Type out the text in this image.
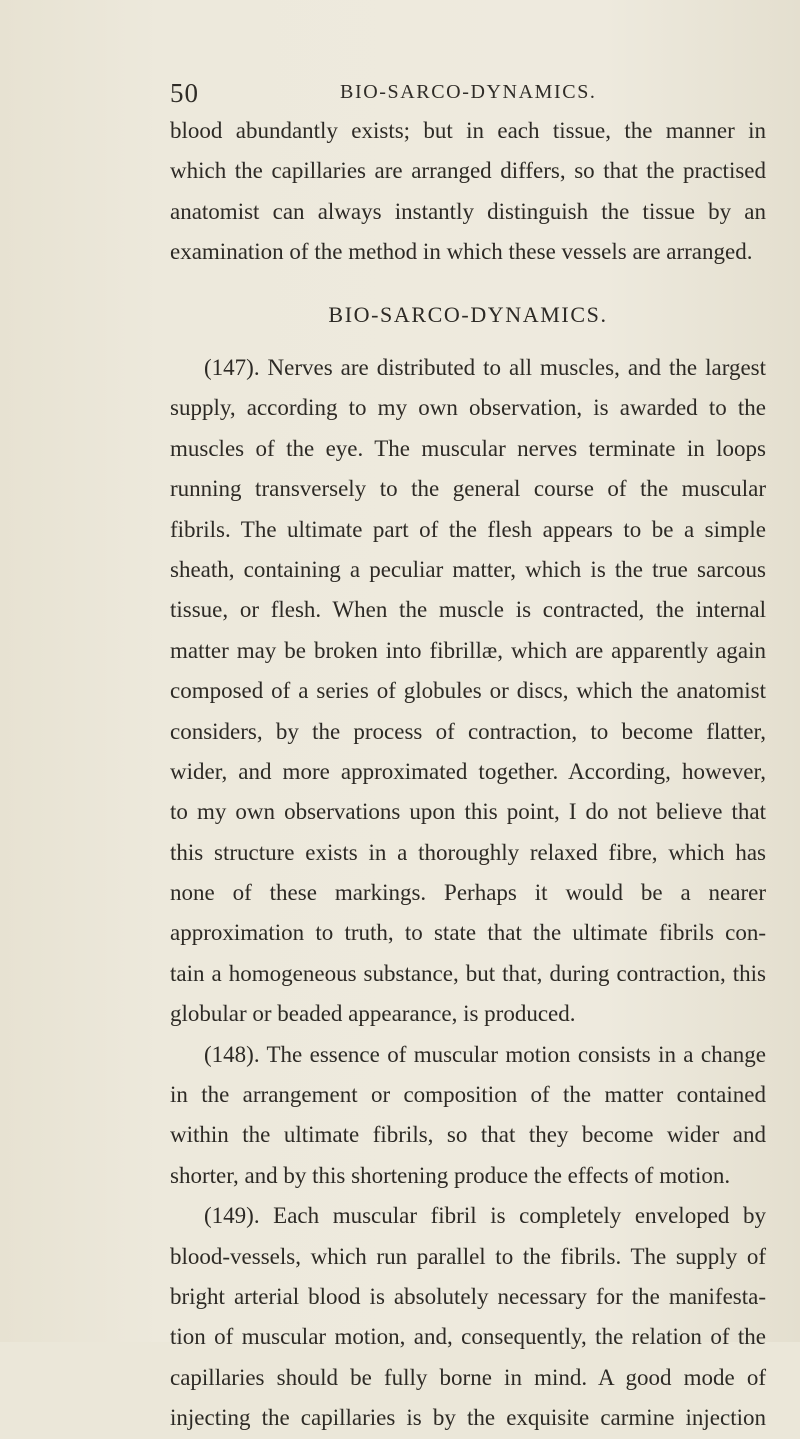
50	BIO-SARCO-DYNAMICS.
blood abundantly exists; but in each tissue, the manner in
which the capillaries are arranged differs, so that the practised
anatomist can always instantly distinguish the tissue by an
examination of the method in which these vessels are arranged.
BIO-SARCO-DYNAMICS.
(147). Nerves are distributed to all muscles, and the largest
supply, according to my own observation, is awarded to the
muscles of the eye. The muscular nerves terminate in loops
running transversely to the general course of the muscular
fibrils. The ultimate part of the flesh appears to be a simple
sheath, containing a peculiar matter, which is the true sarcous
tissue, or flesh. When the muscle is contracted, the internal
matter may be broken into fibrillæ, which are apparently again
composed of a series of globules or discs, which the anatomist
considers, by the process of contraction, to become flatter,
wider, and more approximated together. According, however,
to my own observations upon this point, I do not believe that
this structure exists in a thoroughly relaxed fibre, which has
none of these markings. Perhaps it would be a nearer
approximation to truth, to state that the ultimate fibrils con-
tain a homogeneous substance, but that, during contraction, this
globular or beaded appearance, is produced.
(148). The essence of muscular motion consists in a change
in the arrangement or composition of the matter contained
within the ultimate fibrils, so that they become wider and
shorter, and by this shortening produce the effects of motion.
(149). Each muscular fibril is completely enveloped by
blood-vessels, which run parallel to the fibrils. The supply of
bright arterial blood is absolutely necessary for the manifesta-
tion of muscular motion, and, consequently, the relation of the
capillaries should be fully borne in mind. A good mode of
injecting the capillaries is by the exquisite carmine injection
